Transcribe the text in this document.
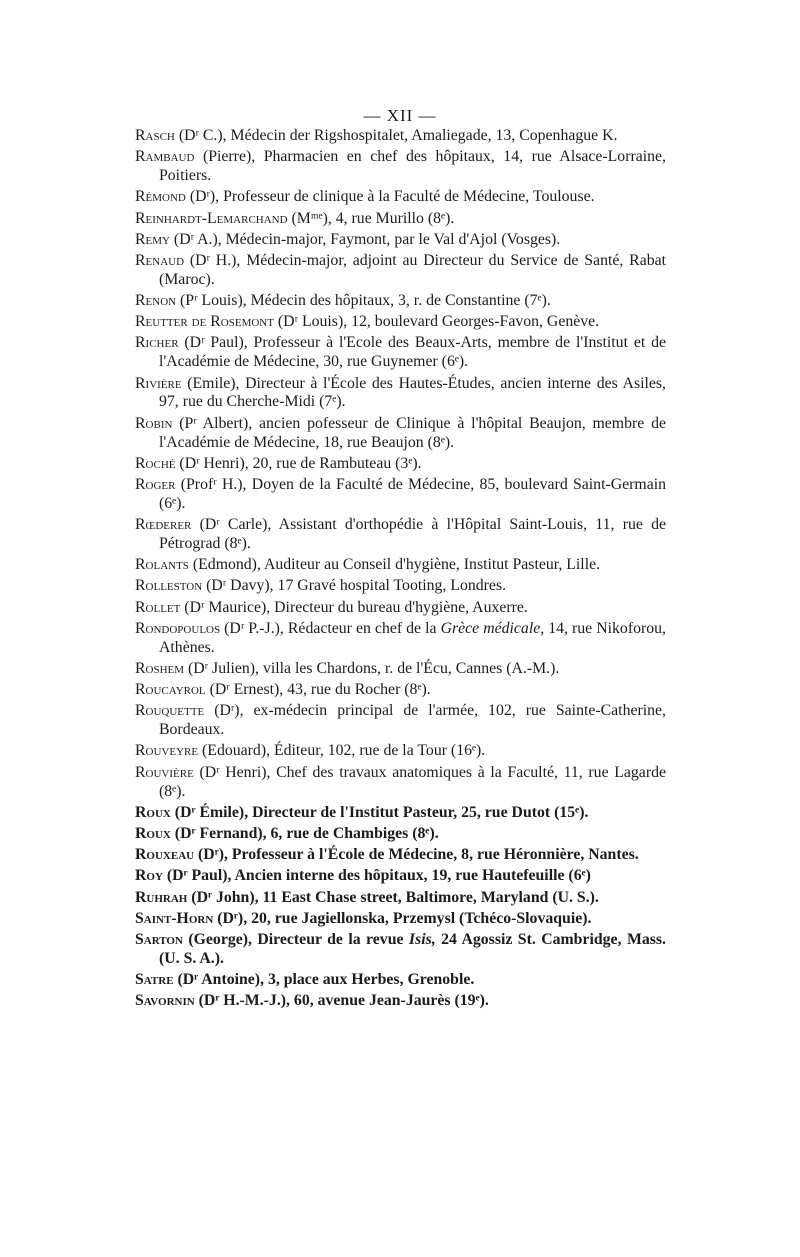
— XII —

Rasch (Dʳ C.), Médecin der Rigshospitalet, Amaliegade, 13, Copenhague K.

Rambaud (Pierre), Pharmacien en chef des hôpitaux, 14, rue Alsace-Lorraine, Poitiers.

Rémond (Dʳ), Professeur de clinique à la Faculté de Médecine, Toulouse.

Reinhardt-Lemarchand (Mᵐᵉ), 4, rue Murillo (8ᵉ).

Remy (Dʳ A.), Médecin-major, Faymont, par le Val d'Ajol (Vosges).

Renaud (Dʳ H.), Médecin-major, adjoint au Directeur du Service de Santé, Rabat (Maroc).

Renon (Pʳ Louis), Médecin des hôpitaux, 3, r. de Constantine (7ᵉ).

Reutter de Rosemont (Dʳ Louis), 12, boulevard Georges-Favon, Genève.

Richer (Dʳ Paul), Professeur à l'Ecole des Beaux-Arts, membre de l'Institut et de l'Académie de Médecine, 30, rue Guynemer (6ᵉ).

Rivière (Emile), Directeur à l'École des Hautes-Études, ancien interne des Asiles, 97, rue du Cherche-Midi (7ᵉ).

Robin (Pʳ Albert), ancien pofesseur de Clinique à l'hôpital Beaujon, membre de l'Académie de Médecine, 18, rue Beaujon (8ᵉ).

Roché (Dʳ Henri), 20, rue de Rambuteau (3ᵉ).

Roger (Profʳ H.), Doyen de la Faculté de Médecine, 85, boulevard Saint-Germain (6ᵉ).

Rœderer (Dʳ Carle), Assistant d'orthopédie à l'Hôpital Saint-Louis, 11, rue de Pétrograd (8ᵉ).

Rolants (Edmond), Auditeur au Conseil d'hygiène, Institut Pasteur, Lille.

Rolleston (Dʳ Davy), 17 Gravé hospital Tooting, Londres.

Rollet (Dʳ Maurice), Directeur du bureau d'hygiène, Auxerre.

Rondopoulos (Dʳ P.-J.), Rédacteur en chef de la Grèce médicale, 14, rue Nikoforou, Athènes.

Roshem (Dʳ Julien), villa les Chardons, r. de l'Écu, Cannes (A.-M.).

Roucayrol (Dʳ Ernest), 43, rue du Rocher (8ᵉ).

Rouquette (Dʳ), ex-médecin principal de l'armée, 102, rue Sainte-Catherine, Bordeaux.

Rouveyre (Edouard), Éditeur, 102, rue de la Tour (16ᵉ).

Rouvière (Dʳ Henri), Chef des travaux anatomiques à la Faculté, 11, rue Lagarde (8ᵉ).

Roux (Dʳ Émile), Directeur de l'Institut Pasteur, 25, rue Dutot (15ᵉ).

Roux (Dʳ Fernand), 6, rue de Chambiges (8ᵉ).

Rouxeau (Dʳ), Professeur à l'École de Médecine, 8, rue Héronnière, Nantes.

Roy (Dʳ Paul), Ancien interne des hôpitaux, 19, rue Hautefeuille (6ᵉ)

Ruhrah (Dʳ John), 11 East Chase street, Baltimore, Maryland (U. S.).

Saint-Horn (Dʳ), 20, rue Jagiellonska, Przemysl (Tchéco-Slovaquie).

Sarton (George), Directeur de la revue Isis, 24 Agossiz St. Cambridge, Mass. (U. S. A.).

Satre (Dʳ Antoine), 3, place aux Herbes, Grenoble.

Savornin (Dʳ H.-M.-J.), 60, avenue Jean-Jaurès (19ᵉ).
